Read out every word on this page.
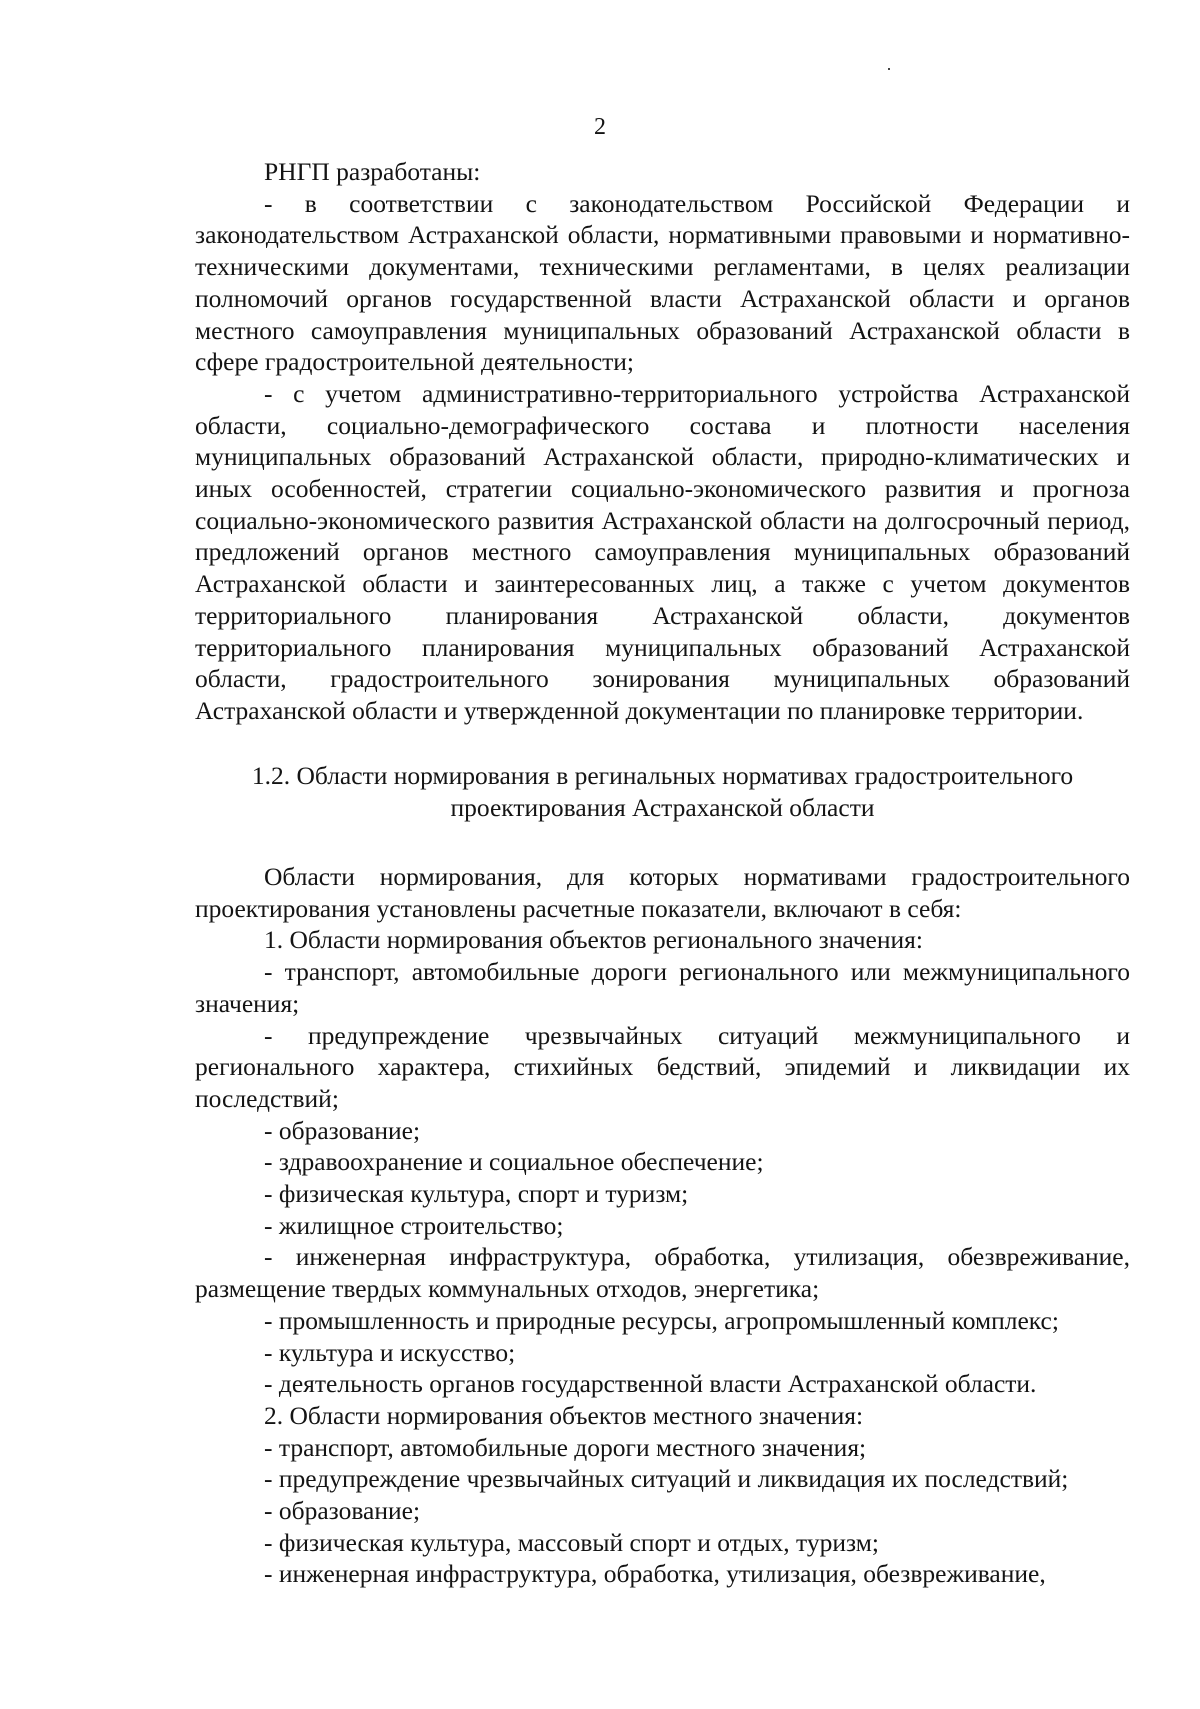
2

РНГП разработаны:

- в соответствии с законодательством Российской Федерации и законодательством Астраханской области, нормативными правовыми и нормативно-техническими документами, техническими регламентами, в целях реализации полномочий органов государственной власти Астраханской области и органов местного самоуправления муниципальных образований Астраханской области в сфере градостроительной деятельности;

- с учетом административно-территориального устройства Астраханской области, социально-демографического состава и плотности населения муниципальных образований Астраханской области, природно-климатических и иных особенностей, стратегии социально-экономического развития и прогноза социально-экономического развития Астраханской области на долгосрочный период, предложений органов местного самоуправления муниципальных образований Астраханской области и заинтересованных лиц, а также с учетом документов территориального планирования Астраханской области, документов территориального планирования муниципальных образований Астраханской области, градостроительного зонирования муниципальных образований Астраханской области и утвержденной документации по планировке территории.

1.2. Области нормирования в регинальных нормативах градостроительного
проектирования Астраханской области

Области нормирования, для которых нормативами градостроительного проектирования установлены расчетные показатели, включают в себя:

1. Области нормирования объектов регионального значения:

- транспорт, автомобильные дороги регионального или межмуниципального значения;

- предупреждение чрезвычайных ситуаций межмуниципального и регионального характера, стихийных бедствий, эпидемий и ликвидации их последствий;

- образование;

- здравоохранение и социальное обеспечение;

- физическая культура, спорт и туризм;

- жилищное строительство;

- инженерная инфраструктура, обработка, утилизация, обезвреживание, размещение твердых коммунальных отходов, энергетика;

- промышленность и природные ресурсы, агропромышленный комплекс;

- культура и искусство;

- деятельность органов государственной власти Астраханской области.

2. Области нормирования объектов местного значения:

- транспорт, автомобильные дороги местного значения;

- предупреждение чрезвычайных ситуаций и ликвидация их последствий;

- образование;

- физическая культура, массовый спорт и отдых, туризм;

- инженерная инфраструктура, обработка, утилизация, обезвреживание,
